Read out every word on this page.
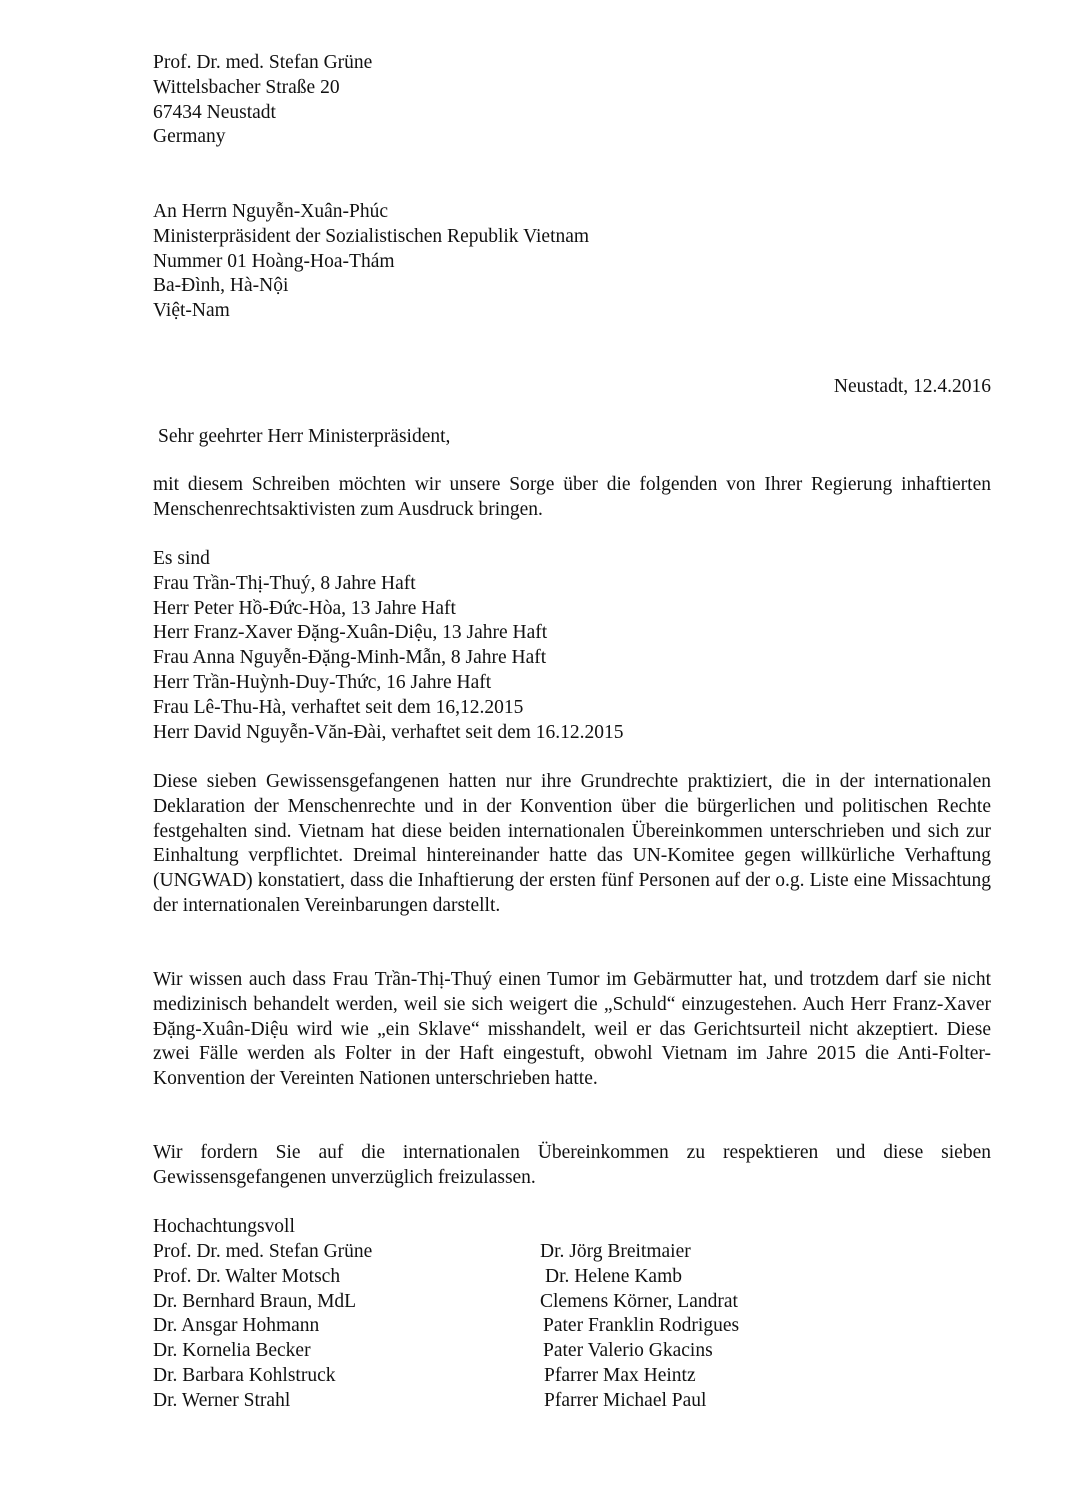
Prof. Dr. med. Stefan Grüne
Wittelsbacher Straße 20
67434 Neustadt
Germany
An Herrn Nguyễn-Xuân-Phúc
Ministerpräsident der Sozialistischen Republik Vietnam
Nummer 01 Hoàng-Hoa-Thám
Ba-Đình, Hà-Nội
Việt-Nam
Neustadt, 12.4.2016
Sehr geehrter Herr Ministerpräsident,
mit diesem Schreiben möchten wir unsere Sorge über die folgenden von Ihrer Regierung inhaftierten Menschenrechtsaktivisten zum Ausdruck bringen.
Es sind
Frau Trần-Thị-Thuý, 8 Jahre Haft
Herr Peter Hồ-Đức-Hòa, 13 Jahre Haft
Herr Franz-Xaver Đặng-Xuân-Diệu, 13 Jahre Haft
Frau Anna Nguyễn-Đặng-Minh-Mẫn, 8 Jahre Haft
Herr Trần-Huỳnh-Duy-Thức, 16 Jahre Haft
Frau Lê-Thu-Hà, verhaftet seit dem 16,12.2015
Herr David Nguyễn-Văn-Đài, verhaftet seit dem 16.12.2015
Diese sieben Gewissensgefangenen hatten nur ihre Grundrechte praktiziert, die in der internationalen Deklaration der Menschenrechte und in der Konvention über die bürgerlichen und politischen Rechte festgehalten sind. Vietnam hat diese beiden internationalen Übereinkommen unterschrieben und sich zur Einhaltung verpflichtet. Dreimal hintereinander hatte das UN-Komitee gegen willkürliche Verhaftung (UNGWAD) konstatiert, dass die Inhaftierung der ersten fünf Personen auf der o.g. Liste eine Missachtung der internationalen Vereinbarungen darstellt.
Wir wissen auch dass Frau Trần-Thị-Thuý einen Tumor im Gebärmutter hat, und trotzdem darf sie nicht medizinisch behandelt werden, weil sie sich weigert die „Schuld“ einzugestehen. Auch Herr Franz-Xaver Đặng-Xuân-Diệu wird wie „ein Sklave“ misshandelt, weil er das Gerichtsurteil nicht akzeptiert. Diese zwei Fälle werden als Folter in der Haft eingestuft, obwohl Vietnam im Jahre 2015 die Anti-Folter-Konvention der Vereinten Nationen unterschrieben hatte.
Wir fordern Sie auf die internationalen Übereinkommen zu respektieren und diese sieben Gewissensgefangenen unverzüglich freizulassen.
Hochachtungsvoll
Prof. Dr. med. Stefan Grüne
Prof. Dr. Walter Motsch
Dr. Bernhard Braun, MdL
Dr. Ansgar Hohmann
Dr. Kornelia Becker
Dr. Barbara Kohlstruck
Dr. Werner Strahl
Dr. Jörg Breitmaier
Dr. Helene Kamb
Clemens Körner, Landrat
Pater Franklin Rodrigues
Pater Valerio Gkacins
Pfarrer Max Heintz
Pfarrer Michael Paul
